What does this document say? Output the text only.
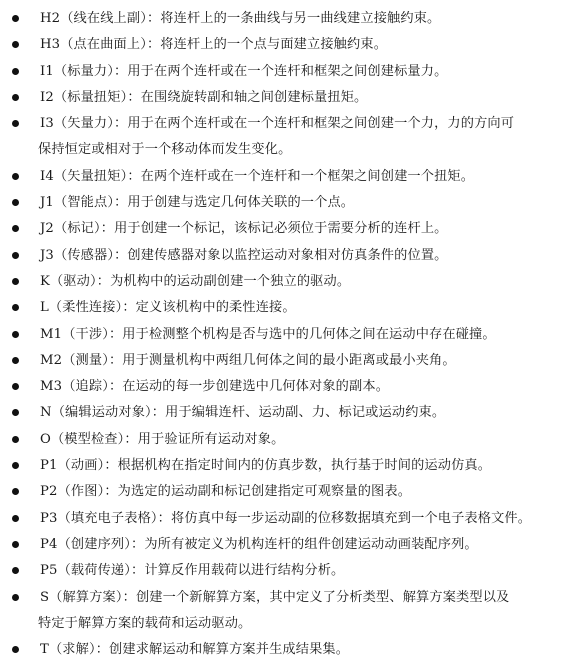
H2（线在线上副）：将连杆上的一条曲线与另一曲线建立接触约束。
H3（点在曲面上）：将连杆上的一个点与面建立接触约束。
I1（标量力）：用于在两个连杆或在一个连杆和框架之间创建标量力。
I2（标量扭矩）：在围绕旋转副和轴之间创建标量扭矩。
I3（矢量力）：用于在两个连杆或在一个连杆和框架之间创建一个力，力的方向可
保持恒定或相对于一个移动体而发生变化。
I4（矢量扭矩）：在两个连杆或在一个连杆和一个框架之间创建一个扭矩。
J1（智能点）：用于创建与选定几何体关联的一个点。
J2（标记）：用于创建一个标记，该标记必须位于需要分析的连杆上。
J3（传感器）：创建传感器对象以监控运动对象相对仿真条件的位置。
K（驱动）：为机构中的运动副创建一个独立的驱动。
L（柔性连接）：定义该机构中的柔性连接。
M1（干涉）：用于检测整个机构是否与选中的几何体之间在运动中存在碰撞。
M2（测量）：用于测量机构中两组几何体之间的最小距离或最小夹角。
M3（追踪）：在运动的每一步创建选中几何体对象的副本。
N（编辑运动对象）：用于编辑连杆、运动副、力、标记或运动约束。
O（模型检查）：用于验证所有运动对象。
P1（动画）：根据机构在指定时间内的仿真步数，执行基于时间的运动仿真。
P2（作图）：为选定的运动副和标记创建指定可观察量的图表。
P3（填充电子表格）：将仿真中每一步运动副的位移数据填充到一个电子表格文件。
P4（创建序列）：为所有被定义为机构连杆的组件创建运动动画装配序列。
P5（载荷传递）：计算反作用载荷以进行结构分析。
S（解算方案）：创建一个新解算方案，其中定义了分析类型、解算方案类型以及
特定于解算方案的载荷和运动驱动。
T（求解）：创建求解运动和解算方案并生成结果集。
